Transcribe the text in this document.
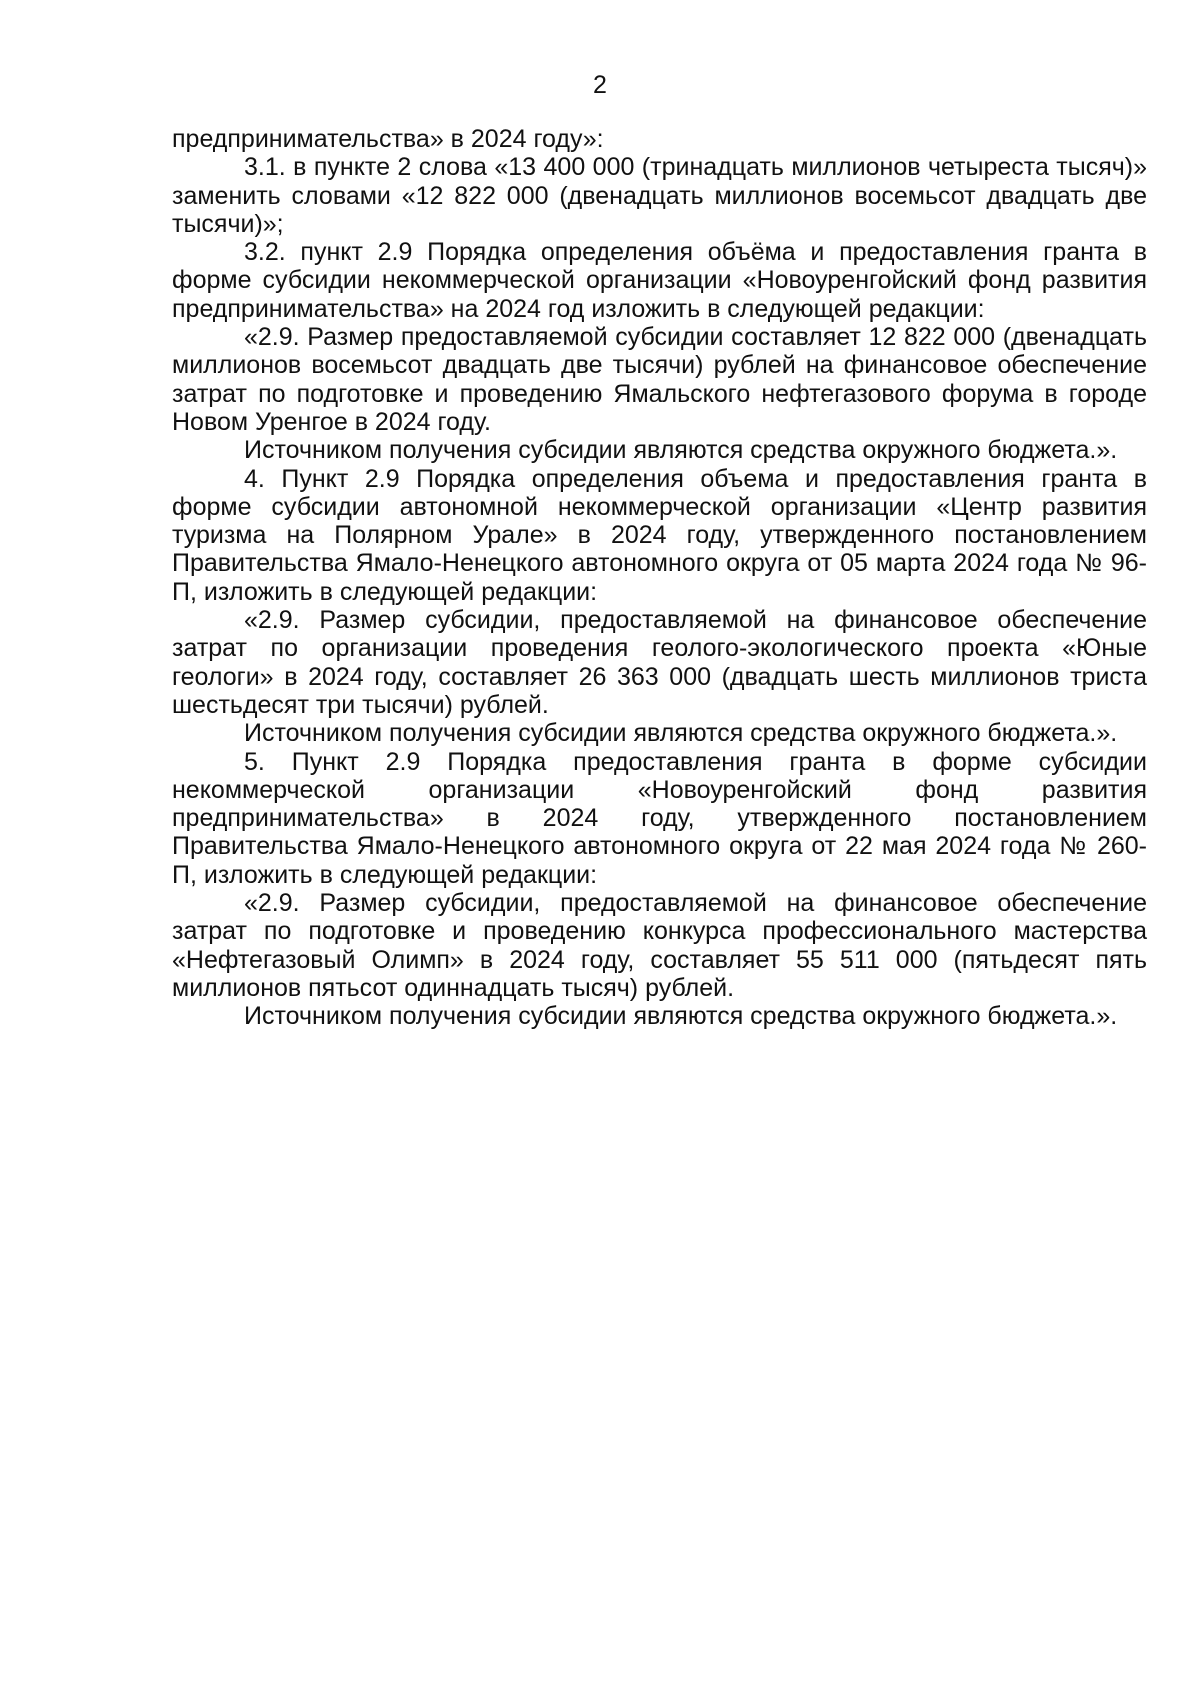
2

предпринимательства» в 2024 году»:

3.1. в пункте 2 слова «13 400 000 (тринадцать миллионов четыреста тысяч)» заменить словами «12 822 000 (двенадцать миллионов восемьсот двадцать две тысячи)»;

3.2. пункт 2.9 Порядка определения объёма и предоставления гранта в форме субсидии некоммерческой организации «Новоуренгойский фонд развития предпринимательства» на 2024 год изложить в следующей редакции:

«2.9. Размер предоставляемой субсидии составляет 12 822 000 (двенадцать миллионов восемьсот двадцать две тысячи) рублей на финансовое обеспечение затрат по подготовке и проведению Ямальского нефтегазового форума в городе Новом Уренгое в 2024 году.

Источником получения субсидии являются средства окружного бюджета.».

4. Пункт 2.9 Порядка определения объема и предоставления гранта в форме субсидии автономной некоммерческой организации «Центр развития туризма на Полярном Урале» в 2024 году, утвержденного постановлением Правительства Ямало-Ненецкого автономного округа от 05 марта 2024 года № 96-П, изложить в следующей редакции:

«2.9. Размер субсидии, предоставляемой на финансовое обеспечение затрат по организации проведения геолого-экологического проекта «Юные геологи» в 2024 году, составляет 26 363 000 (двадцать шесть миллионов триста шестьдесят три тысячи) рублей.

Источником получения субсидии являются средства окружного бюджета.».

5. Пункт 2.9 Порядка предоставления гранта в форме субсидии некоммерческой организации «Новоуренгойский фонд развития предпринимательства» в 2024 году, утвержденного постановлением Правительства Ямало-Ненецкого автономного округа от 22 мая 2024 года № 260-П, изложить в следующей редакции:

«2.9. Размер субсидии, предоставляемой на финансовое обеспечение затрат по подготовке и проведению конкурса профессионального мастерства «Нефтегазовый Олимп» в 2024 году, составляет 55 511 000 (пятьдесят пять миллионов пятьсот одиннадцать тысяч) рублей.

Источником получения субсидии являются средства окружного бюджета.».
